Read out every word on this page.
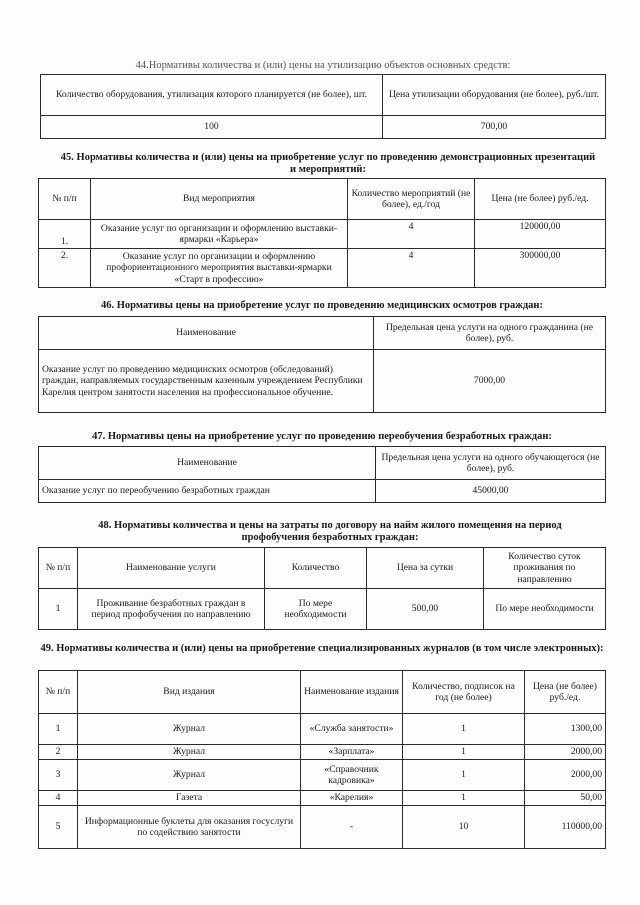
44.Нормативы количества и (или) цены на утилизацию объектов основных средств:
Количество оборудования, утилизация которого планируется (не более), шт.	Цена утилизации оборудования (не более), руб./шт.
100	700,00
45. Нормативы количества и (или) цены на приобретение услуг по проведению демонстрационных презентаций и мероприятий:
№ п/п	Вид мероприятия	Количество мероприятий (не более), ед./год	Цена (не более) руб./ед.
1.	Оказание услуг по организации и оформлению выставки-ярмарки «Карьера»	4	120000,00
2.	Оказание услуг по организации и оформлению профориентационного мероприятия выставки-ярмарки «Старт в профессию»	4	300000,00
46. Нормативы цены на приобретение услуг по проведению медицинских осмотров граждан:
Наименование	Предельная цена услуги на одного гражданина (не более), руб.
Оказание услуг по проведению медицинских осмотров (обследований) граждан, направляемых государственным казенным учреждением Республики Карелия центром занятости населения на профессиональное обучение.	7000,00
47. Нормативы цены на приобретение услуг по проведению переобучения безработных граждан:
Наименование	Предельная цена услуги на одного обучающегося (не более), руб.
Оказание услуг по переобучению безработных граждан	45000,00
48. Нормативы количества и цены на затраты по договору на найм жилого помещения на период профобучения безработных граждан:
№ п/п	Наименование услуги	Количество	Цена за сутки	Количество суток проживания по направлению
1	Проживание безработных граждан в период профобучения по направлению	По мере необходимости	500,00	По мере необходимости
49. Нормативы количества и (или) цены на приобретение специализированных журналов (в том числе электронных):
№ п/п	Вид издания	Наименование издания	Количество, подписок на год (не более)	Цена (не более) руб./ед.
1	Журнал	«Служба занятости»	1	1300,00
2	Журнал	«Зарплата»	1	2000,00
3	Журнал	«Справочник кадровика»	1	2000,00
4	Газета	«Карелия»	1	50,00
5	Информационные буклеты для оказания госуслуги по содействию занятости	-	10	110000,00
